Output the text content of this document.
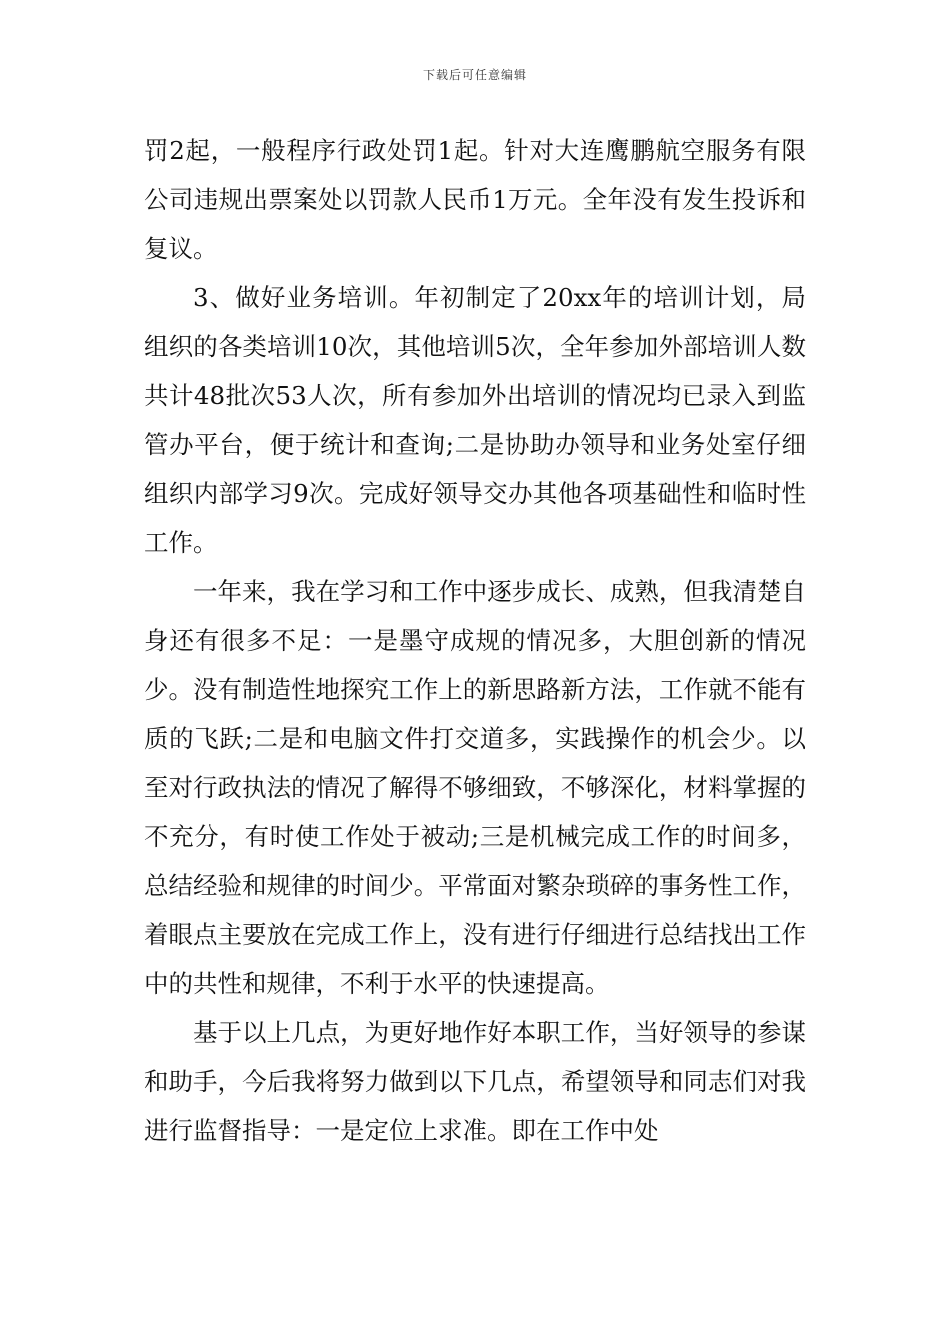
下载后可任意编辑

罚2起，一般程序行政处罚1起。针对大连鹰鹏航空服务有限公司违规出票案处以罚款人民币1万元。全年没有发生投诉和复议。

3、做好业务培训。年初制定了20xx年的培训计划，局组织的各类培训10次，其他培训5次，全年参加外部培训人数共计48批次53人次，所有参加外出培训的情况均已录入到监管办平台，便于统计和查询;二是协助办领导和业务处室仔细组织内部学习9次。完成好领导交办其他各项基础性和临时性工作。

一年来，我在学习和工作中逐步成长、成熟，但我清楚自身还有很多不足：一是墨守成规的情况多，大胆创新的情况少。没有制造性地探究工作上的新思路新方法，工作就不能有质的飞跃;二是和电脑文件打交道多，实践操作的机会少。以至对行政执法的情况了解得不够细致，不够深化，材料掌握的不充分，有时使工作处于被动;三是机械完成工作的时间多，总结经验和规律的时间少。平常面对繁杂琐碎的事务性工作，着眼点主要放在完成工作上，没有进行仔细进行总结找出工作中的共性和规律，不利于水平的快速提高。

基于以上几点，为更好地作好本职工作，当好领导的参谋和助手，今后我将努力做到以下几点，希望领导和同志们对我进行监督指导：一是定位上求准。即在工作中处
